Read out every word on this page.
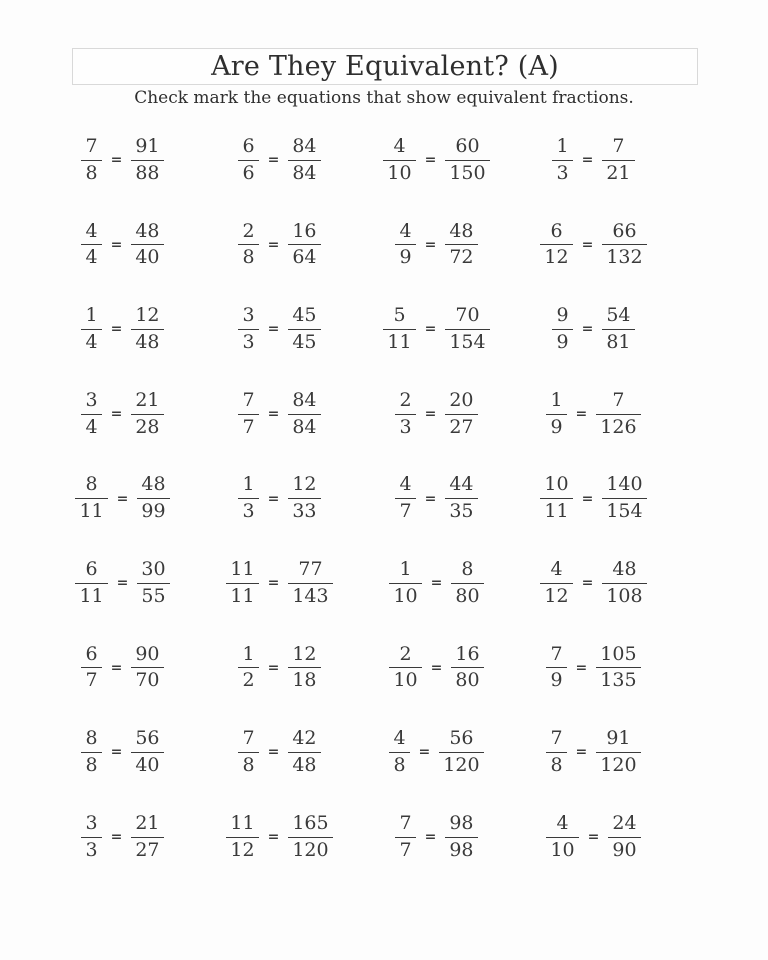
Are They Equivalent? (A)
Check mark the equations that show equivalent fractions.
$\frac{7}{8} = \frac{91}{88}$	$\frac{6}{6} = \frac{84}{84}$	$\frac{4}{10} = \frac{60}{150}$	$\frac{1}{3} = \frac{7}{21}$
$\frac{4}{4} = \frac{48}{40}$	$\frac{2}{8} = \frac{16}{64}$	$\frac{4}{9} = \frac{48}{72}$	$\frac{6}{12} = \frac{66}{132}$
$\frac{1}{4} = \frac{12}{48}$	$\frac{3}{3} = \frac{45}{45}$	$\frac{5}{11} = \frac{70}{154}$	$\frac{9}{9} = \frac{54}{81}$
$\frac{3}{4} = \frac{21}{28}$	$\frac{7}{7} = \frac{84}{84}$	$\frac{2}{3} = \frac{20}{27}$	$\frac{1}{9} = \frac{7}{126}$
$\frac{8}{11} = \frac{48}{99}$	$\frac{1}{3} = \frac{12}{33}$	$\frac{4}{7} = \frac{44}{35}$	$\frac{10}{11} = \frac{140}{154}$
$\frac{6}{11} = \frac{30}{55}$	$\frac{11}{11} = \frac{77}{143}$	$\frac{1}{10} = \frac{8}{80}$	$\frac{4}{12} = \frac{48}{108}$
$\frac{6}{7} = \frac{90}{70}$	$\frac{1}{2} = \frac{12}{18}$	$\frac{2}{10} = \frac{16}{80}$	$\frac{7}{9} = \frac{105}{135}$
$\frac{8}{8} = \frac{56}{40}$	$\frac{7}{8} = \frac{42}{48}$	$\frac{4}{8} = \frac{56}{120}$	$\frac{7}{8} = \frac{91}{120}$
$\frac{3}{3} = \frac{21}{27}$	$\frac{11}{12} = \frac{165}{120}$	$\frac{7}{7} = \frac{98}{98}$	$\frac{4}{10} = \frac{24}{90}$
